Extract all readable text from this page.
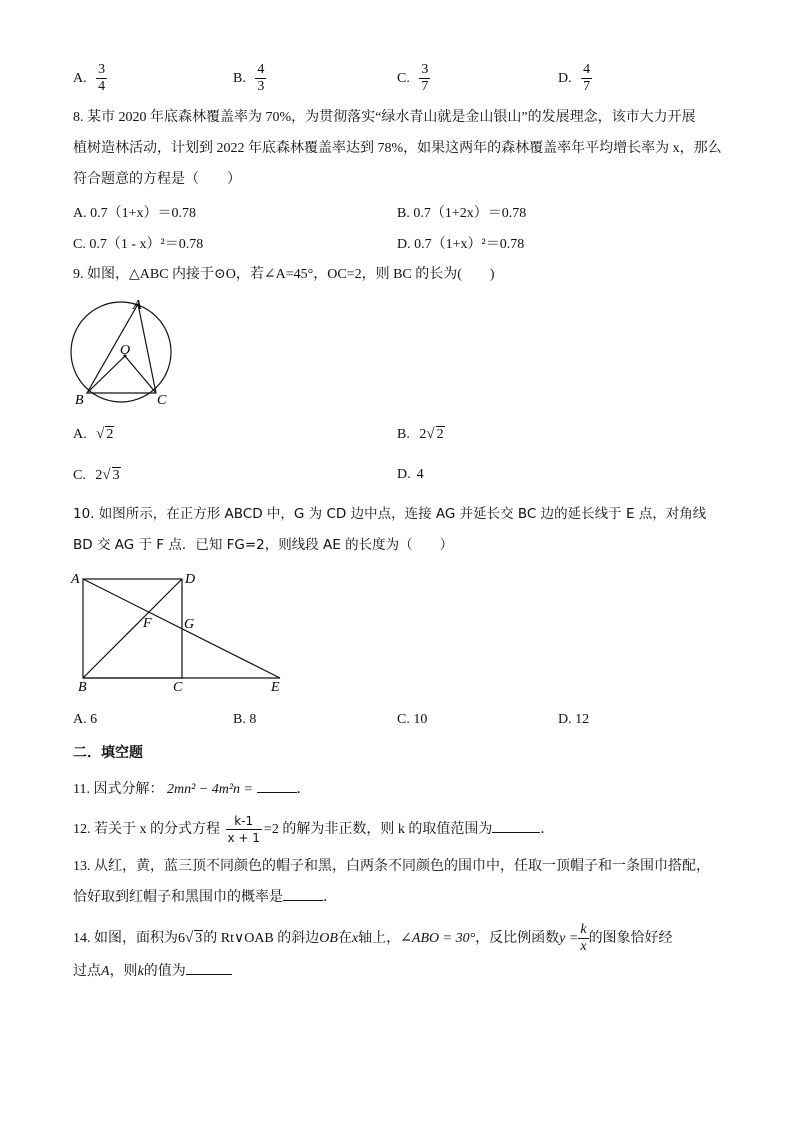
A. $\frac{3}{4}$	B. $\frac{4}{3}$	C. $\frac{3}{7}$	D. $\frac{4}{7}$
8. 某市 2020 年底森林覆盖率为 70%，为贯彻落实“绿水青山就是金山银山”的发展理念，该市大力开展
植树造林活动，计划到 2022 年底森林覆盖率达到 78%，如果这两年的森林覆盖率年平均增长率为 x，那么
符合题意的方程是（　　）
A. 0.7（1+x）＝0.78	B. 0.7（1+2x）＝0.78
C. 0.7（1 - x）²＝0.78	D. 0.7（1+x）²＝0.78
9. 如图，△ABC 内接于⊙O，若∠A=45°，OC=2，则 BC 的长为(　　)
A
O
B	C
A. √ 2	B. 2√ 2
C. 2√ 3	D. 4
10. 如图所示，在正方形 ABCD 中，G 为 CD 边中点，连接 AG 并延长交 BC 边的延长线于 E 点，对角线
BD 交 AG 于 F 点．已知 FG=2，则线段 AE 的长度为（　　）
A	D
F G
B	C	E
A. 6	B. 8	C. 10	D. 12
二．填空题
11. 因式分解： 2mn² − 4m²n =	．
12. 若关于 x 的分式方程 $\frac{k-1}{x + 1} =2$ 的解为非正数，则 k 的取值范围为	．
13. 从红，黄，蓝三顶不同颜色的帽子和黑，白两条不同颜色的围巾中，任取一顶帽子和一条围巾搭配，
恰好取到红帽子和黑围巾的概率是	．
14. 如图，面积为6√ 3的 Rt∨OAB 的斜边OB在x轴上，∠ABO = 30°，反比例函数$y = \frac{k}{x}$ 的图象恰好经
过点A，则k的值为
